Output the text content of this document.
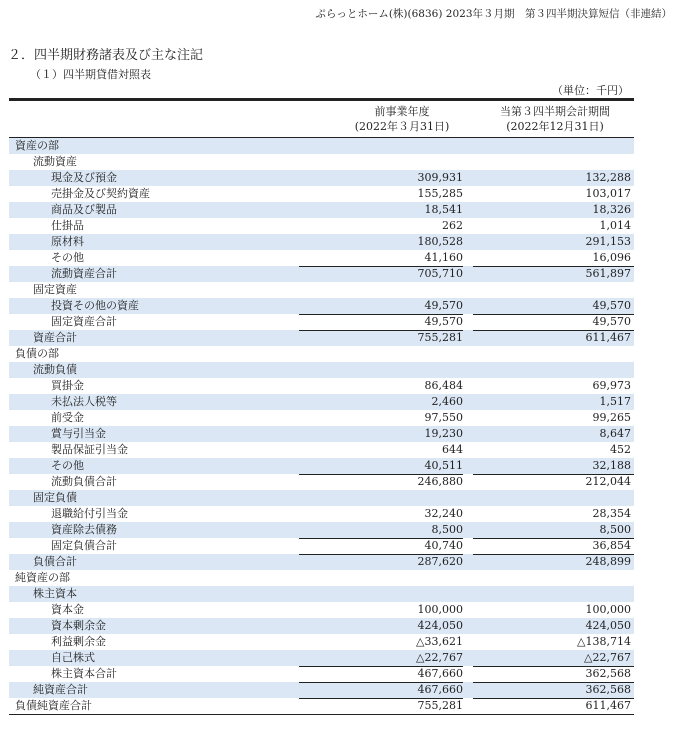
ぷらっとホーム(株)(6836) 2023年３月期　第３四半期決算短信（非連結）
２．四半期財務諸表及び主な注記
（１）四半期貸借対照表
（単位：千円）
前事業年度
(2022年３月31日)
当第３四半期会計期間
(2022年12月31日)
資産の部
流動資産
現金及び預金	309,931	132,288
売掛金及び契約資産	155,285	103,017
商品及び製品	18,541	18,326
仕掛品	262	1,014
原材料	180,528	291,153
その他	41,160	16,096
流動資産合計	705,710	561,897
固定資産
投資その他の資産	49,570	49,570
固定資産合計	49,570	49,570
資産合計	755,281	611,467
負債の部
流動負債
買掛金	86,484	69,973
未払法人税等	2,460	1,517
前受金	97,550	99,265
賞与引当金	19,230	8,647
製品保証引当金	644	452
その他	40,511	32,188
流動負債合計	246,880	212,044
固定負債
退職給付引当金	32,240	28,354
資産除去債務	8,500	8,500
固定負債合計	40,740	36,854
負債合計	287,620	248,899
純資産の部
株主資本
資本金	100,000	100,000
資本剰余金	424,050	424,050
利益剰余金	△33,621	△138,714
自己株式	△22,767	△22,767
株主資本合計	467,660	362,568
純資産合計	467,660	362,568
負債純資産合計	755,281	611,467
